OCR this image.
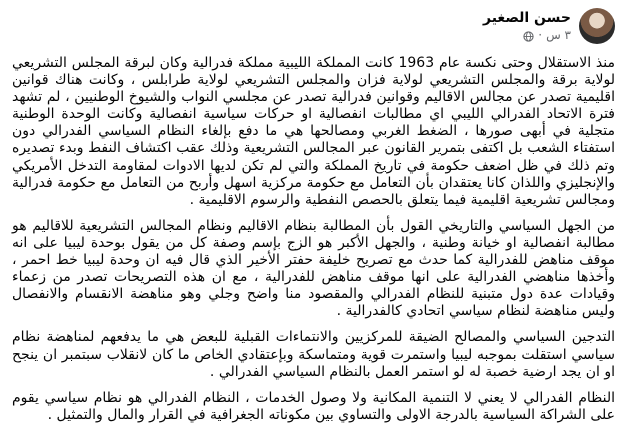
حسن الصغير
٣ س
·

منذ الاستقلال وحتى نكسة عام 1963 كانت المملكة الليبية مملكة فدرالية وكان لبرقة المجلس التشريعي لولاية برقة والمجلس التشريعي لولاية فزان والمجلس التشريعي لولاية طرابلس ، وكانت هناك قوانين اقليمية تصدر عن مجالس الاقاليم وقوانين فدرالية تصدر عن مجلسي النواب والشيوخ الوطنيين ، لم تشهد فترة الاتحاد الفدرالي الليبي اي مطالبات انفصالية او حركات سياسية انفصالية وكانت الوحدة الوطنية متجلية في أبهى صورها ، الضغط الغربي ومصالحها هي ما دفع بإلغاء النظام السياسي الفدرالي دون استفتاء الشعب بل اكتفى بتمرير القانون عبر المجالس التشريعية وذلك عقب اكتشاف النفط وبدء تصديره وتم ذلك في ظل اضعف حكومة في تاريخ المملكة والتي لم تكن لديها الادوات لمقاومة التدخل الأمريكي والإنجليزي واللذان كانا يعتقدان بأن التعامل مع حكومة مركزية اسهل وأربح من التعامل مع حكومة فدرالية ومجالس تشريعية اقليمية فيما يتعلق بالحصص النفطية والرسوم الاقليمية .

من الجهل السياسي والتاريخي القول بأن المطالبة بنظام الاقاليم ونظام المجالس التشريعية للاقاليم هو مطالبة انفصالية او خيانة وطنية ، والجهل الأكبر هو الزج بإسم وصفة كل من يقول بوحدة ليبيا على انه موقف مناهض للفدرالية كما حدث مع تصريح خليفة حفتر الأخير الذي قال فيه ان وحدة ليبيا خط احمر ، وأخذها مناهضي الفدرالية على انها موقف مناهض للفدرالية ، مع ان هذه التصريحات تصدر من زعماء وقيادات عدة دول متبنية للنظام الفدرالي والمقصود منا واضح وجلي وهو مناهضة الانقسام والانفصال وليس مناهضة لنظام سياسي اتحادي كالفدرالية .

التدجين السياسي والمصالح الضيقة للمركزيين والانتماءات القبلية للبعض هي ما يدفعهم لمناهضة نظام سياسي استقلت بموجبه ليبيا واستمرت قوية ومتماسكة وبإعتقادي الخاص ما كان لانقلاب سبتمبر ان ينجح او ان يجد ارضية خصبة له لو استمر العمل بالنظام السياسي الفدرالي .

النظام الفدرالي لا يعني لا التنمية المكانية ولا وصول الخدمات ، النظام الفدرالي هو نظام سياسي يقوم على الشراكة السياسية بالدرجة الاولى والتساوي بين مكوناته الجغرافية في القرار والمال والتمثيل .
